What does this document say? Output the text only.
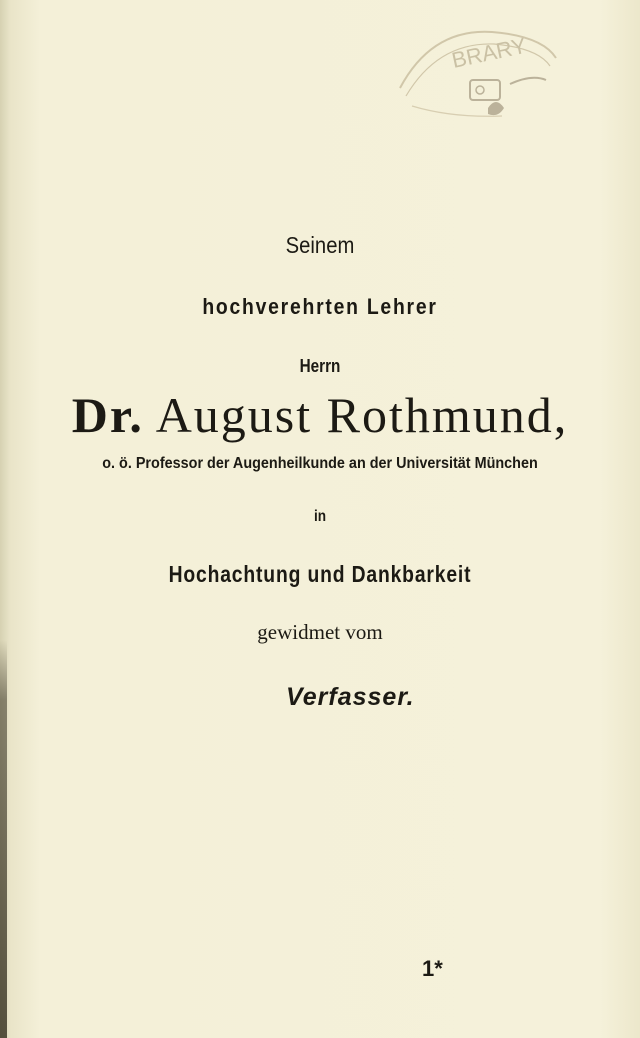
BRARY
Seinem
hochverehrten Lehrer
Herrn
Dr. August Rothmund,
o. ö. Professor der Augenheilkunde an der Universität München
in
Hochachtung und Dankbarkeit
gewidmet vom
Verfasser.
1*
